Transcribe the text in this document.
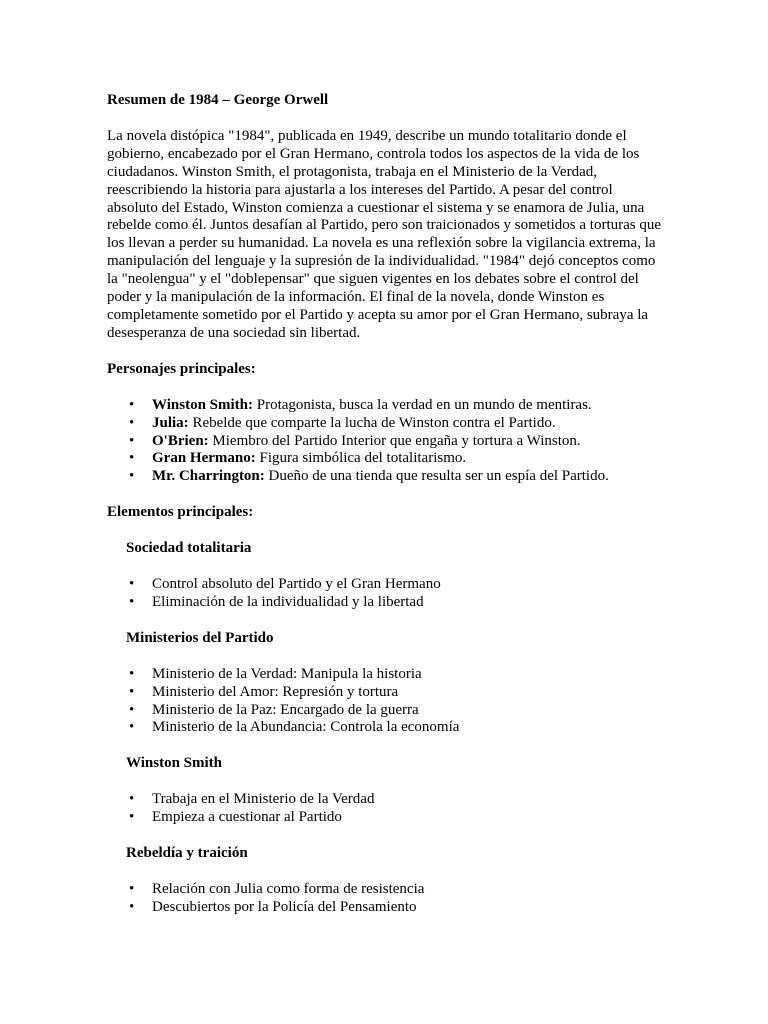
Resumen de 1984 – George Orwell

La novela distópica "1984", publicada en 1949, describe un mundo totalitario donde el gobierno, encabezado por el Gran Hermano, controla todos los aspectos de la vida de los ciudadanos. Winston Smith, el protagonista, trabaja en el Ministerio de la Verdad, reescribiendo la historia para ajustarla a los intereses del Partido. A pesar del control absoluto del Estado, Winston comienza a cuestionar el sistema y se enamora de Julia, una rebelde como él. Juntos desafían al Partido, pero son traicionados y sometidos a torturas que los llevan a perder su humanidad. La novela es una reflexión sobre la vigilancia extrema, la manipulación del lenguaje y la supresión de la individualidad. "1984" dejó conceptos como la "neolengua" y el "doblepensar" que siguen vigentes en los debates sobre el control del poder y la manipulación de la información. El final de la novela, donde Winston es completamente sometido por el Partido y acepta su amor por el Gran Hermano, subraya la desesperanza de una sociedad sin libertad.

Personajes principales:

• Winston Smith: Protagonista, busca la verdad en un mundo de mentiras.
• Julia: Rebelde que comparte la lucha de Winston contra el Partido.
• O'Brien: Miembro del Partido Interior que engaña y tortura a Winston.
• Gran Hermano: Figura simbólica del totalitarismo.
• Mr. Charrington: Dueño de una tienda que resulta ser un espía del Partido.

Elementos principales:

Sociedad totalitaria

• Control absoluto del Partido y el Gran Hermano
• Eliminación de la individualidad y la libertad

Ministerios del Partido

• Ministerio de la Verdad: Manipula la historia
• Ministerio del Amor: Represión y tortura
• Ministerio de la Paz: Encargado de la guerra
• Ministerio de la Abundancia: Controla la economía

Winston Smith

• Trabaja en el Ministerio de la Verdad
• Empieza a cuestionar al Partido

Rebeldía y traición

• Relación con Julia como forma de resistencia
• Descubiertos por la Policía del Pensamiento
